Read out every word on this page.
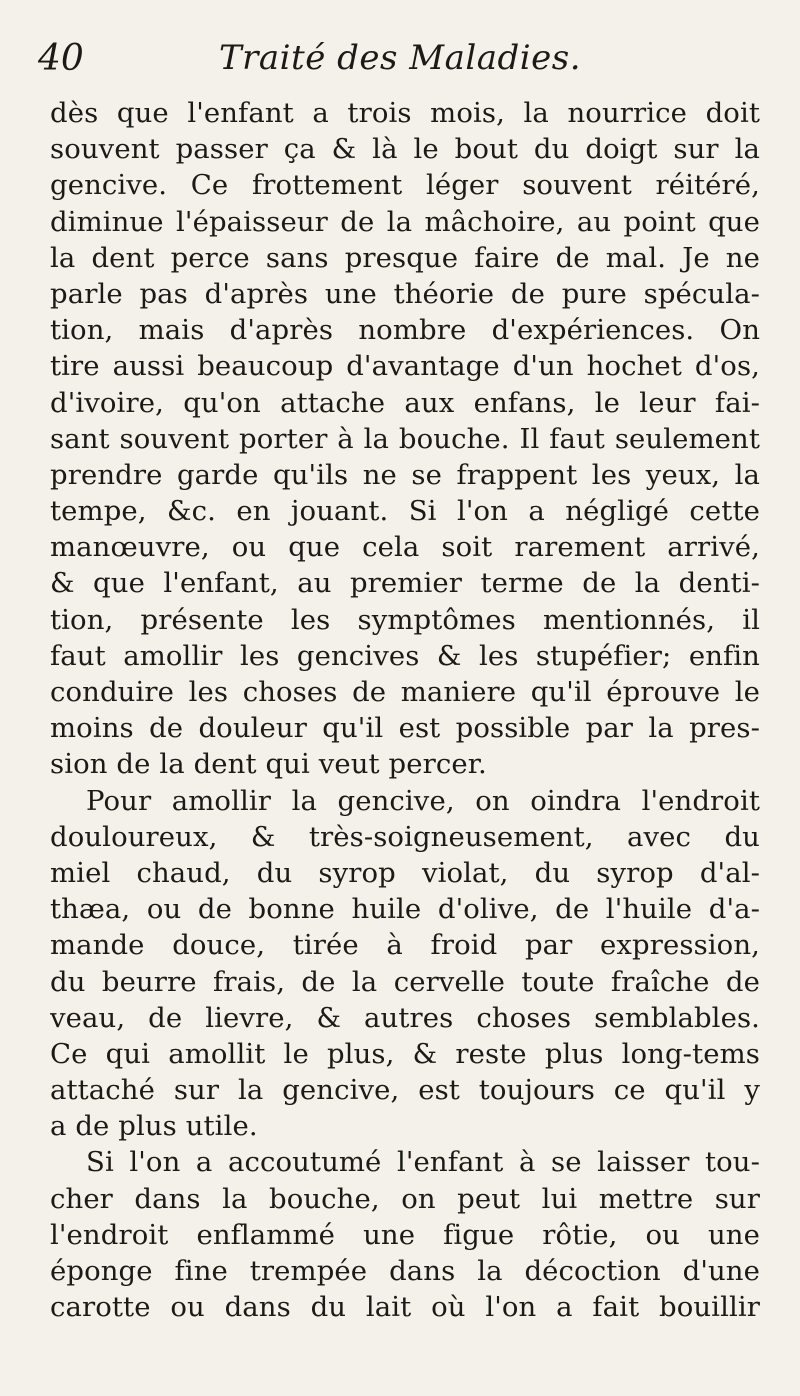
40	Traité des Maladies.
dès que l'enfant a trois mois, la nourrice doit
souvent passer ça & là le bout du doigt sur la
gencive. Ce frottement léger souvent réitéré,
diminue l'épaisseur de la mâchoire, au point que
la dent perce sans presque faire de mal. Je ne
parle pas d'après une théorie de pure spécula-
tion, mais d'après nombre d'expériences. On
tire aussi beaucoup d'avantage d'un hochet d'os,
d'ivoire, qu'on attache aux enfans, le leur fai-
sant souvent porter à la bouche. Il faut seulement
prendre garde qu'ils ne se frappent les yeux, la
tempe, &c. en jouant. Si l'on a négligé cette
manœuvre, ou que cela soit rarement arrivé,
& que l'enfant, au premier terme de la denti-
tion, présente les symptômes mentionnés, il
faut amollir les gencives & les stupéfier; enfin
conduire les choses de maniere qu'il éprouve le
moins de douleur qu'il est possible par la pres-
sion de la dent qui veut percer.
Pour amollir la gencive, on oindra l'endroit
douloureux, & très-soigneusement, avec du
miel chaud, du syrop violat, du syrop d'al-
thæa, ou de bonne huile d'olive, de l'huile d'a-
mande douce, tirée à froid par expression,
du beurre frais, de la cervelle toute fraîche de
veau, de lievre, & autres choses semblables.
Ce qui amollit le plus, & reste plus long-tems
attaché sur la gencive, est toujours ce qu'il y
a de plus utile.
Si l'on a accoutumé l'enfant à se laisser tou-
cher dans la bouche, on peut lui mettre sur
l'endroit enflammé une figue rôtie, ou une
éponge fine trempée dans la décoction d'une
carotte ou dans du lait où l'on a fait bouillir
